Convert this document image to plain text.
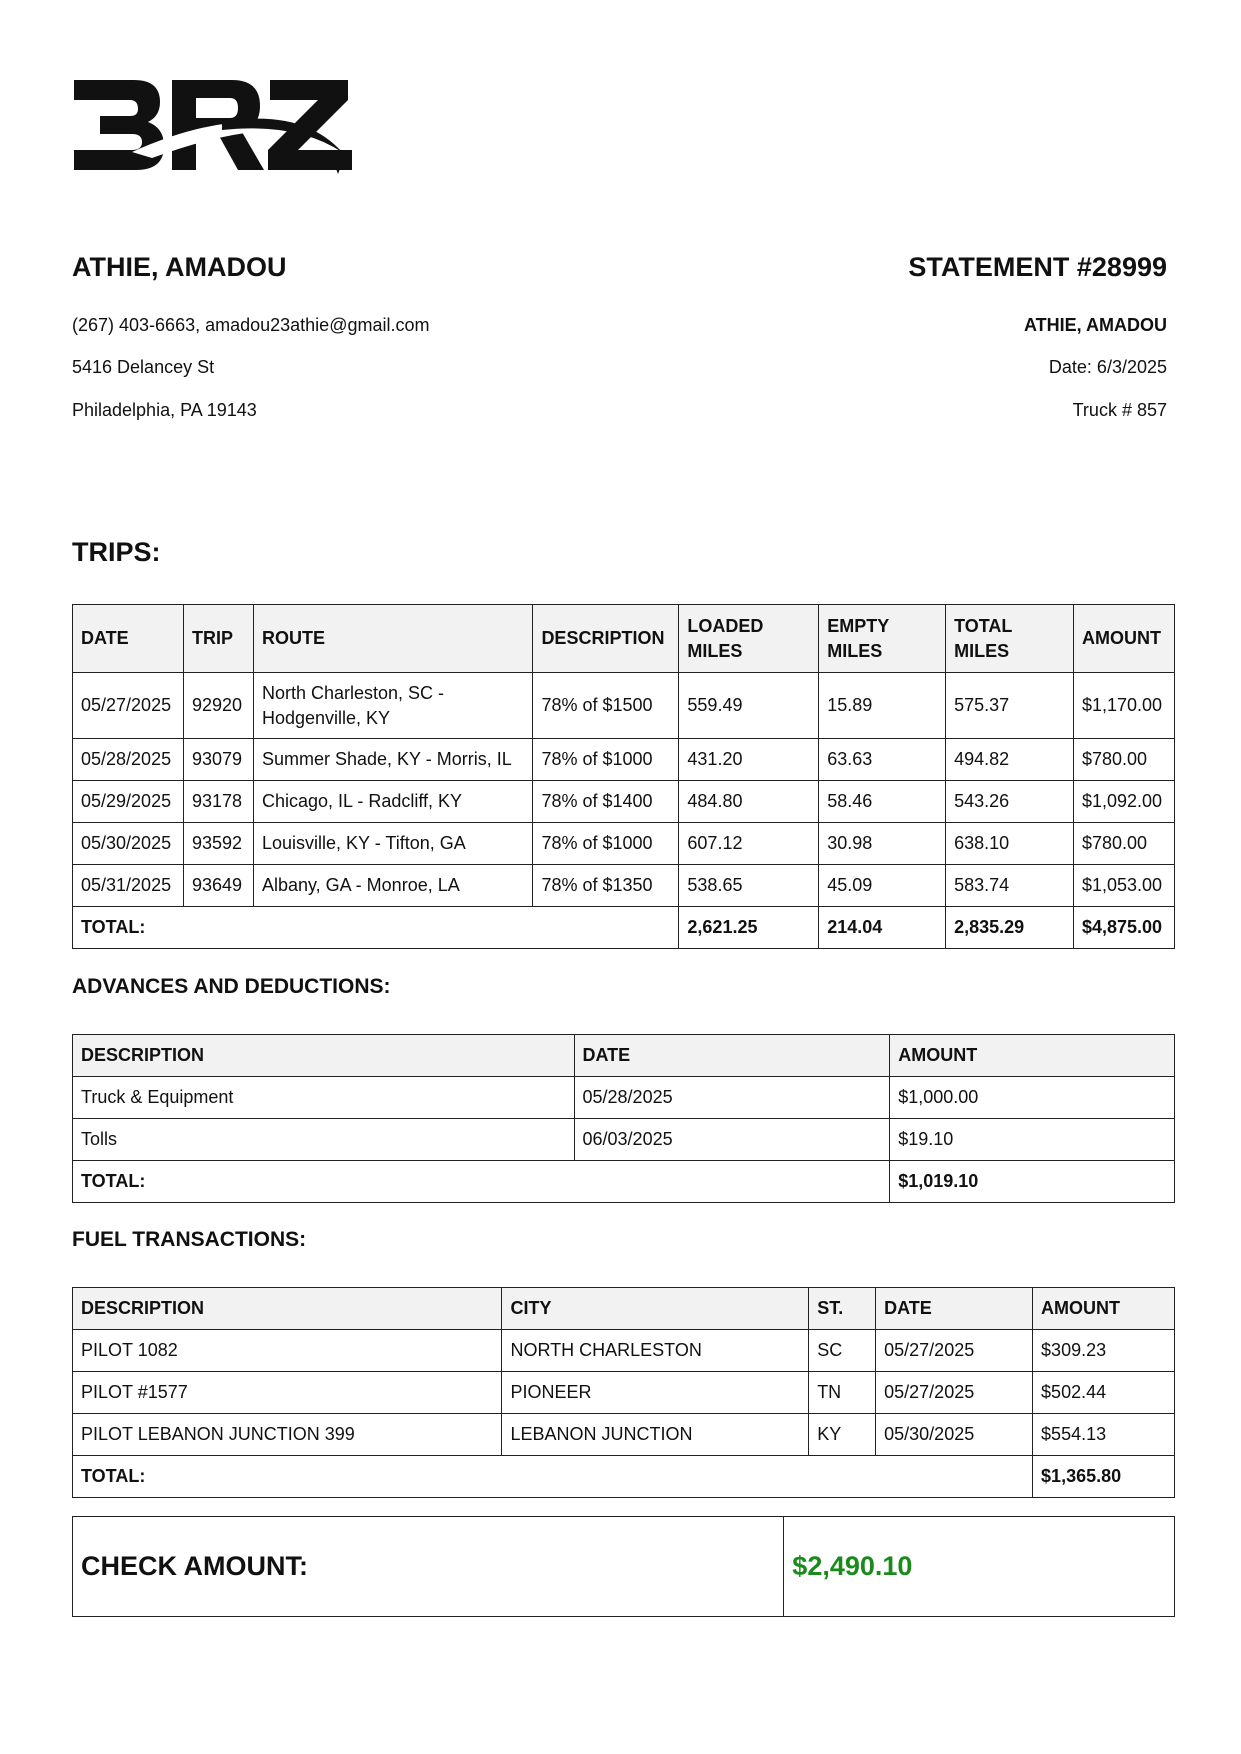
ATHIE, AMADOU
(267) 403-6663, amadou23athie@gmail.com
5416 Delancey St
Philadelphia, PA 19143
STATEMENT #28999
ATHIE, AMADOU
Date: 6/3/2025
Truck # 857
TRIPS:
DATE	TRIP	ROUTE	DESCRIPTION	LOADED MILES	EMPTY MILES	TOTAL MILES	AMOUNT
05/27/2025	92920	North Charleston, SC - Hodgenville, KY	78% of $1500	559.49	15.89	575.37	$1,170.00
05/28/2025	93079	Summer Shade, KY - Morris, IL	78% of $1000	431.20	63.63	494.82	$780.00
05/29/2025	93178	Chicago, IL - Radcliff, KY	78% of $1400	484.80	58.46	543.26	$1,092.00
05/30/2025	93592	Louisville, KY - Tifton, GA	78% of $1000	607.12	30.98	638.10	$780.00
05/31/2025	93649	Albany, GA - Monroe, LA	78% of $1350	538.65	45.09	583.74	$1,053.00
TOTAL:				2,621.25	214.04	2,835.29	$4,875.00
ADVANCES AND DEDUCTIONS:
DESCRIPTION	DATE	AMOUNT
Truck & Equipment	05/28/2025	$1,000.00
Tolls	06/03/2025	$19.10
TOTAL:		$1,019.10
FUEL TRANSACTIONS:
DESCRIPTION	CITY	ST.	DATE	AMOUNT
PILOT 1082	NORTH CHARLESTON	SC	05/27/2025	$309.23
PILOT #1577	PIONEER	TN	05/27/2025	$502.44
PILOT LEBANON JUNCTION 399	LEBANON JUNCTION	KY	05/30/2025	$554.13
TOTAL:				$1,365.80
CHECK AMOUNT:	$2,490.10
